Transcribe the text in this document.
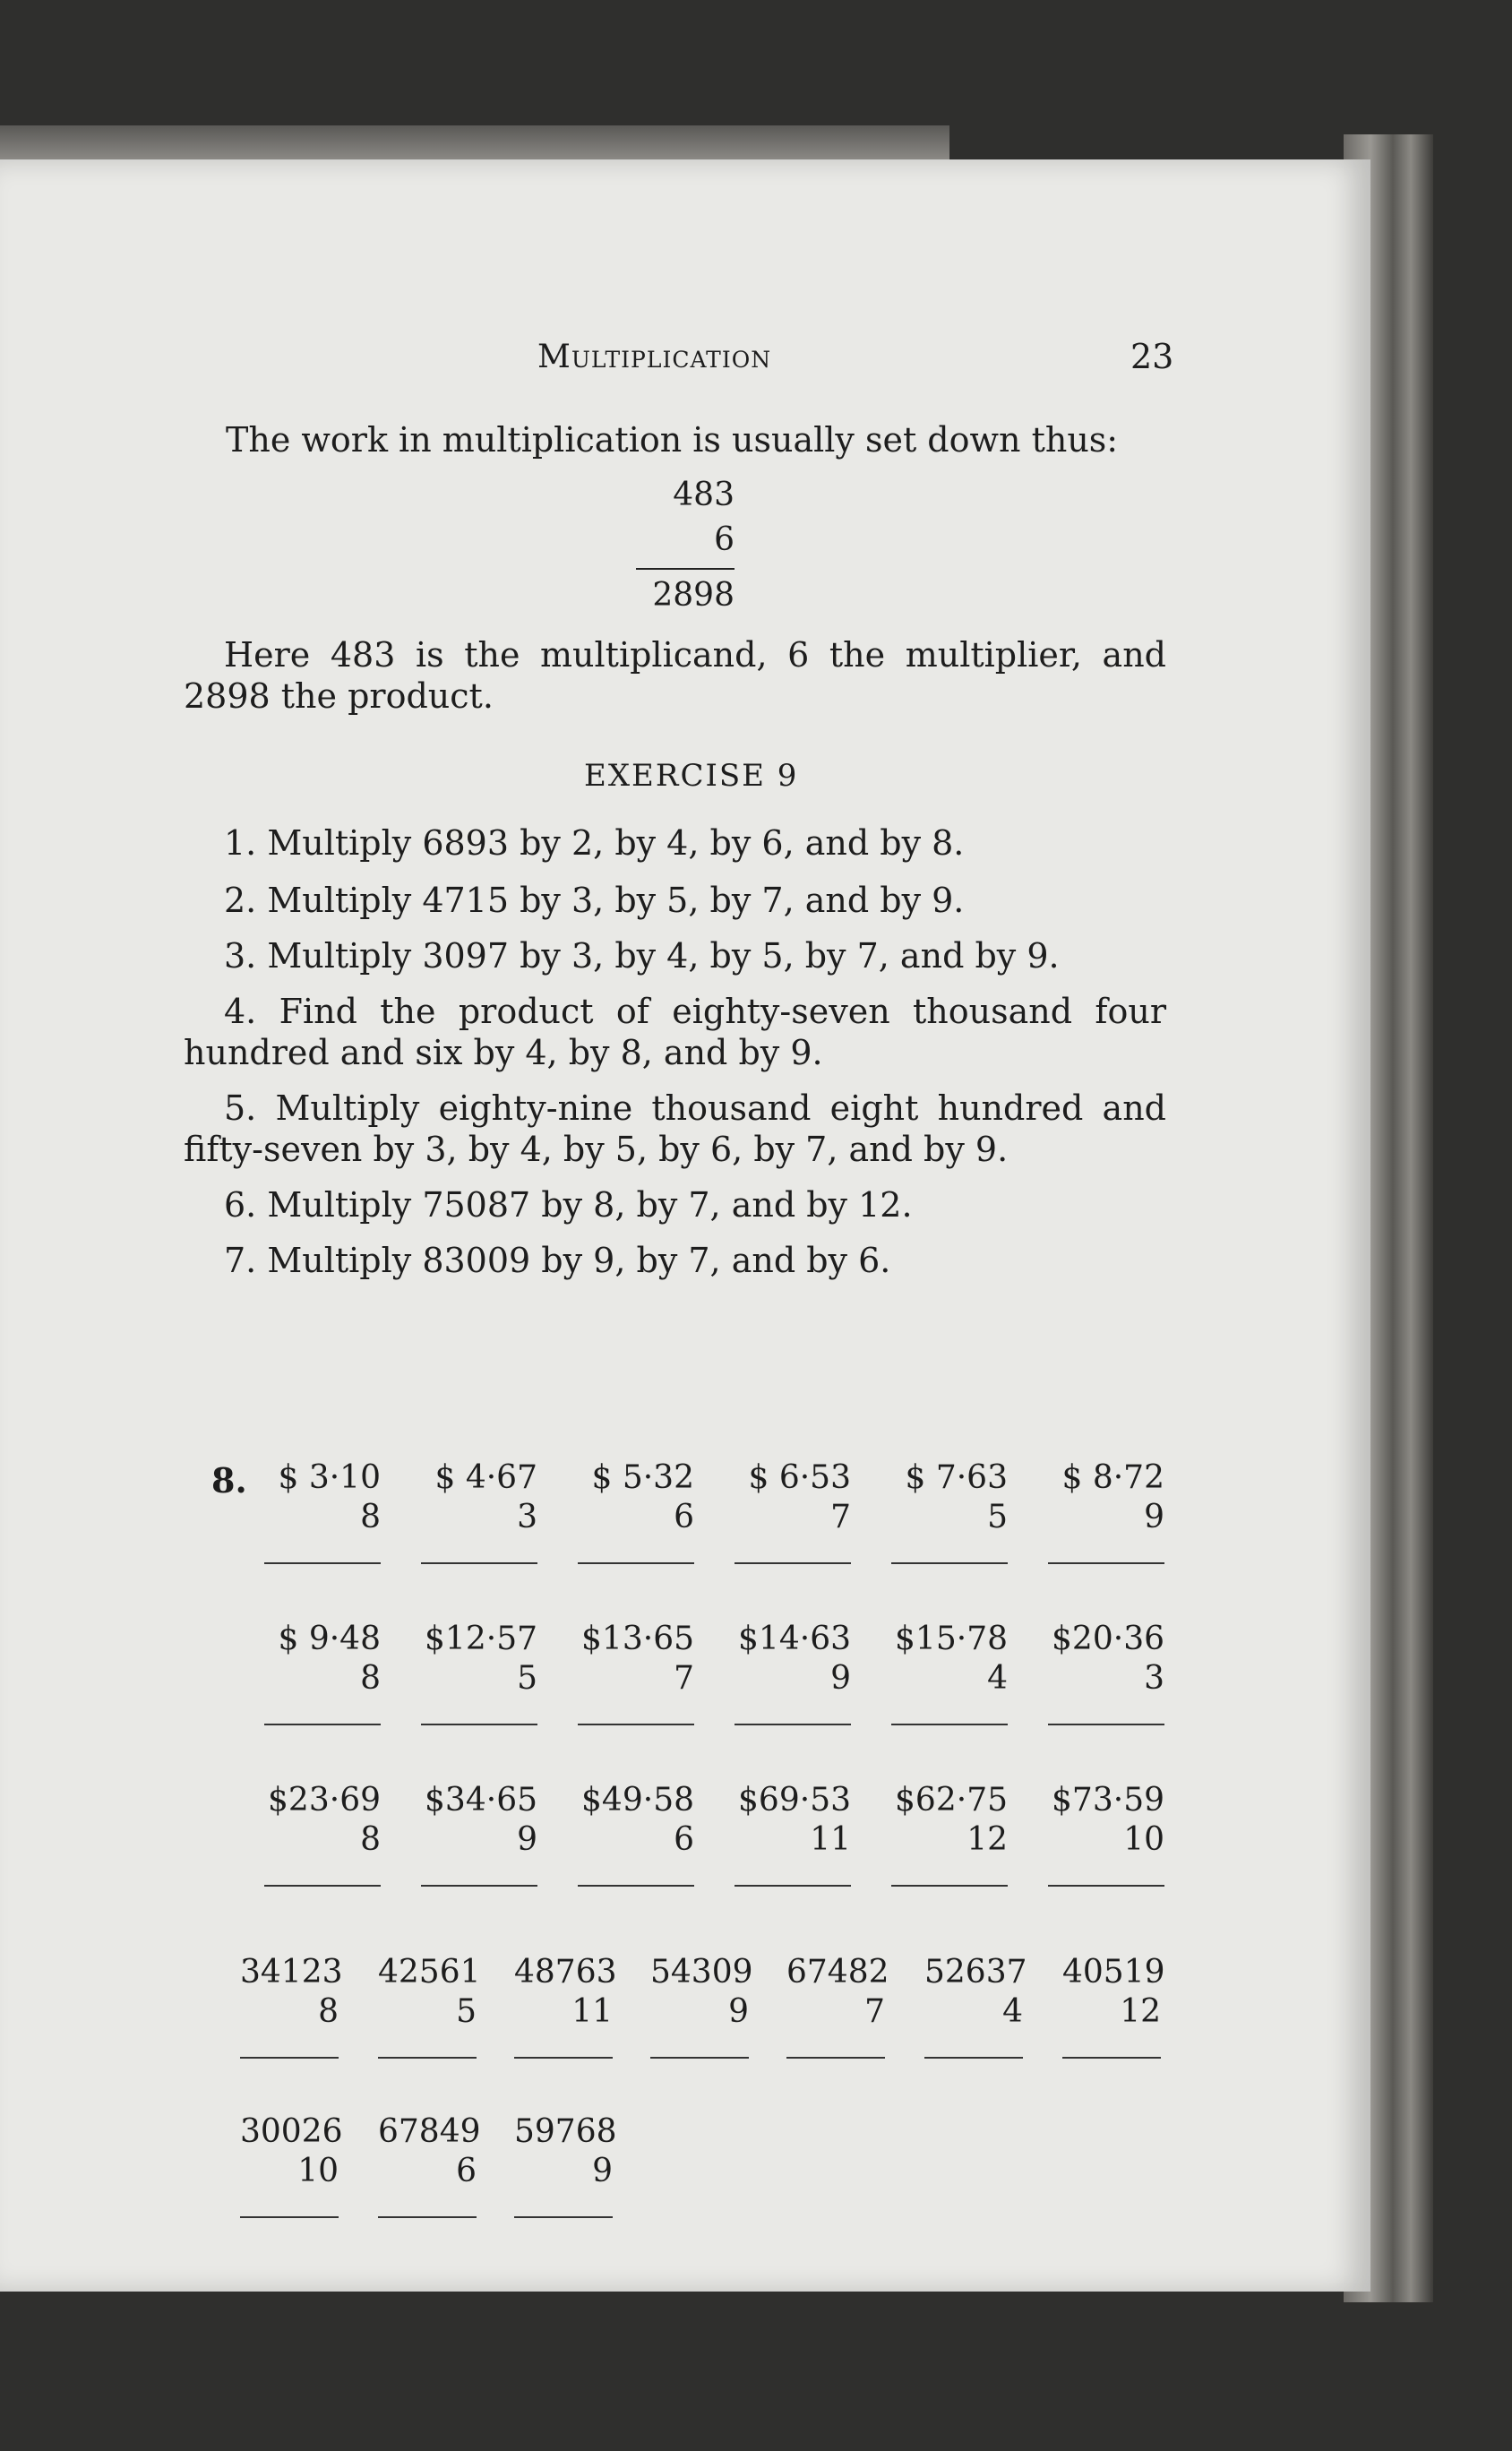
Multiplication	23
The work in multiplication is usually set down thus:
483
6
2898
Here 483 is the multiplicand, 6 the multiplier, and 2898 the product.
EXERCISE 9
1. Multiply 6893 by 2, by 4, by 6, and by 8.
2. Multiply 4715 by 3, by 5, by 7, and by 9.
3. Multiply 3097 by 3, by 4, by 5, by 7, and by 9.
4. Find the product of eighty-seven thousand four hundred and six by 4, by 8, and by 9.
5. Multiply eighty-nine thousand eight hundred and fifty-seven by 3, by 4, by 5, by 6, by 7, and by 9.
6. Multiply 75087 by 8, by 7, and by 12.
7. Multiply 83009 by 9, by 7, and by 6.
8. $ 3·10
8
$ 4·67
3
$ 5·32
6
$ 6·53
7
$ 7·63
5
$ 8·72
9
$ 9·48
8
$12·57
5
$13·65
7
$14·63
9
$15·78
4
$20·36
3
$23·69
8
$34·65
9
$49·58
6
$69·53
11
$62·75
12
$73·59
10
34123
8
42561
5
48763
11
54309
9
67482
7
52637
4
40519
12
30026
10
67849
6
59768
9
